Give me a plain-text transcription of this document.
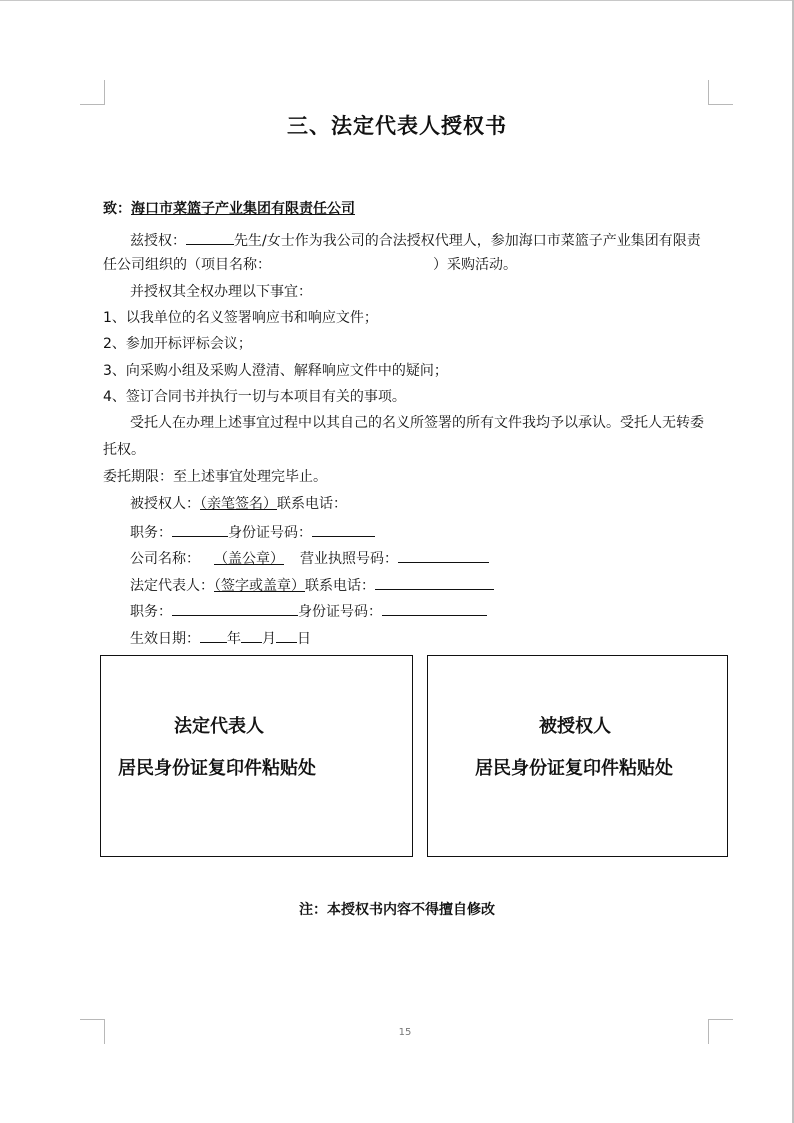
三、法定代表人授权书
致：海口市菜篮子产业集团有限责任公司
兹授权：	先生/女士作为我公司的合法授权代理人，参加海口市菜篮子产业集团有限责
任公司组织的（项目名称：	）采购活动。
并授权其全权办理以下事宜：
1、以我单位的名义签署响应书和响应文件；
2、参加开标评标会议；
3、向采购小组及采购人澄清、解释响应文件中的疑问；
4、签订合同书并执行一切与本项目有关的事项。
受托人在办理上述事宜过程中以其自己的名义所签署的所有文件我均予以承认。受托人无转委
托权。
委托期限：至上述事宜处理完毕止。
被授权人：（亲笔签名）联系电话：
职务：	身份证号码：
公司名称： （盖公章） 营业执照号码：
法定代表人：（签字或盖章）联系电话：
职务：	身份证号码：
生效日期： 年 月 日
法定代表人
居民身份证复印件粘贴处
被授权人
居民身份证复印件粘贴处
注：本授权书内容不得擅自修改
15
